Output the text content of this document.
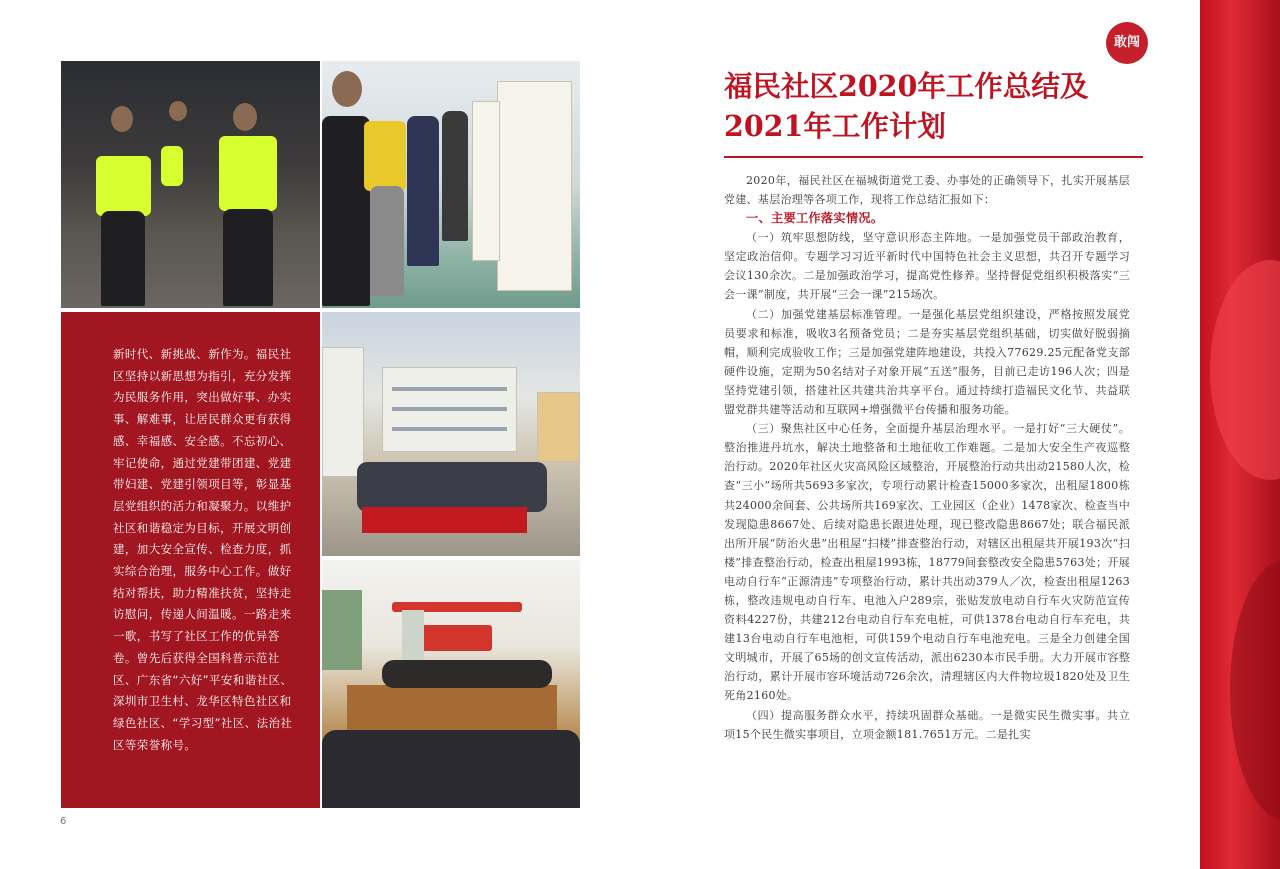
新时代、新挑战、新作为。福民社区坚持以新思想为指引，充分发挥为民服务作用，突出做好事、办实事、解难事，让居民群众更有获得感、幸福感、安全感。不忘初心、牢记使命，通过党建带团建、党建带妇建、党建引领项目等，彰显基层党组织的活力和凝聚力。以维护社区和谐稳定为目标，开展文明创建，加大安全宣传、检查力度，抓实综合治理，服务中心工作。做好结对帮扶，助力精准扶贫，坚持走访慰问，传递人间温暖。一路走来一歌，书写了社区工作的优异答卷。曾先后获得全国科普示范社区、广东省“六好”平安和谐社区、深圳市卫生村、龙华区特色社区和绿色社区、“学习型”社区、法治社区等荣誉称号。

6
敢闯
福民社区2020年工作总结及2021年工作计划

2020年，福民社区在福城街道党工委、办事处的正确领导下，扎实开展基层党建、基层治理等各项工作，现将工作总结汇报如下：

一、主要工作落实情况。

（一）筑牢思想防线，坚守意识形态主阵地。一是加强党员干部政治教育，坚定政治信仰。专题学习习近平新时代中国特色社会主义思想，共召开专题学习会议130余次。二是加强政治学习，提高党性修养。坚持督促党组织积极落实“三会一课”制度，共开展“三会一课”215场次。

（二）加强党建基层标准管理。一是强化基层党组织建设，严格按照发展党员要求和标准，吸收3名预备党员；二是夯实基层党组织基础，切实做好脱弱摘帽，顺利完成验收工作；三是加强党建阵地建设，共投入77629.25元配备党支部硬件设施，定期为50名结对子对象开展“五送”服务，目前已走访196人次；四是坚持党建引领，搭建社区共建共治共享平台。通过持续打造福民文化节、共益联盟党群共建等活动和互联网+增强微平台传播和服务功能。

（三）聚焦社区中心任务，全面提升基层治理水平。一是打好“三大硬仗”。整治推进丹坑水，解决土地整备和土地征收工作难题。二是加大安全生产夜巡整治行动。2020年社区火灾高风险区域整治，开展整治行动共出动21580人次，检查“三小”场所共5693多家次，专项行动累计检查15000多家次，出租屋1800栋共24000余间套、公共场所共169家次、工业园区（企业）1478家次、检查当中发现隐患8667处、后续对隐患长跟进处理，现已整改隐患8667处；联合福民派出所开展“防治火患”出租屋“扫楼”排查整治行动，对辖区出租屋共开展193次“扫楼”排查整治行动，检查出租屋1993栋，18779间套整改安全隐患5763处；开展电动自行车“正源清违”专项整治行动，累计共出动379人／次，检查出租屋1263栋，整改违规电动自行车、电池入户289宗，张贴发放电动自行车火灾防范宣传资料4227份，共建212台电动自行车充电桩，可供1378台电动自行车充电，共建13台电动自行车电池柜，可供159个电动自行车电池充电。三是全力创建全国文明城市，开展了65场的创文宣传活动，派出6230本市民手册。大力开展市容整治行动，累计开展市容环境活动726余次，清理辖区内大件物垃圾1820处及卫生死角2160处。

（四）提高服务群众水平，持续巩固群众基础。一是微实民生微实事。共立项15个民生微实事项目，立项金额181.7651万元。二是扎实
